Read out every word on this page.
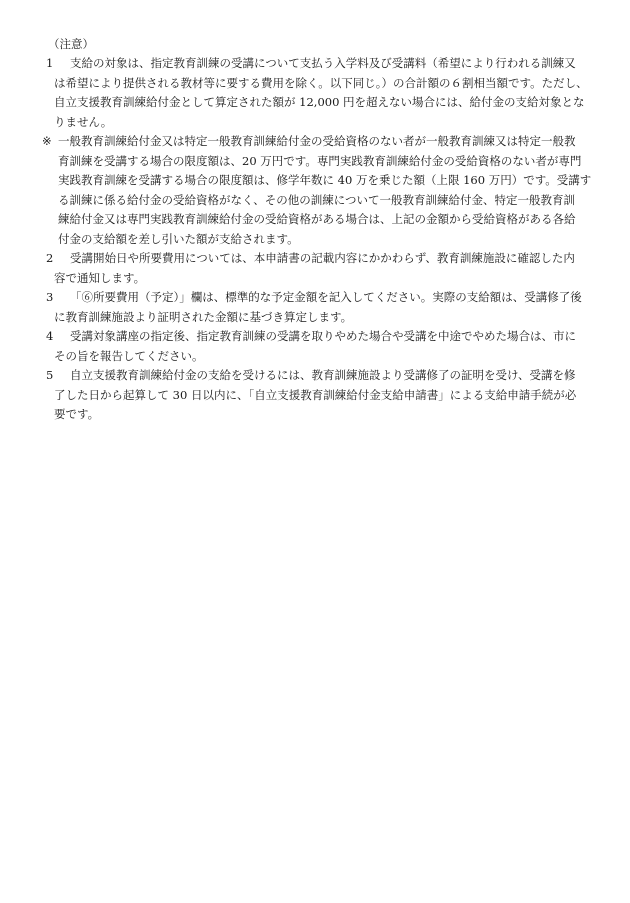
（注意）
1	支給の対象は、指定教育訓練の受講について支払う入学料及び受講料（希望により行われる訓練又
は希望により提供される教材等に要する費用を除く。以下同じ。）の合計額の６割相当額です。ただし、
自立支援教育訓練給付金として算定された額が 12,000 円を超えない場合には、給付金の支給対象とな
りません。
※ 一般教育訓練給付金又は特定一般教育訓練給付金の受給資格のない者が一般教育訓練又は特定一般教
育訓練を受講する場合の限度額は、20 万円です。専門実践教育訓練給付金の受給資格のない者が専門
実践教育訓練を受講する場合の限度額は、修学年数に 40 万を乗じた額（上限 160 万円）です。受講す
る訓練に係る給付金の受給資格がなく、その他の訓練について一般教育訓練給付金、特定一般教育訓
練給付金又は専門実践教育訓練給付金の受給資格がある場合は、上記の金額から受給資格がある各給
付金の支給額を差し引いた額が支給されます。
2	受講開始日や所要費用については、本申請書の記載内容にかかわらず、教育訓練施設に確認した内
容で通知します。
3	「⑥所要費用（予定）」欄は、標準的な予定金額を記入してください。実際の支給額は、受講修了後
に教育訓練施設より証明された金額に基づき算定します。
4	受講対象講座の指定後、指定教育訓練の受講を取りやめた場合や受講を中途でやめた場合は、市に
その旨を報告してください。
5	自立支援教育訓練給付金の支給を受けるには、教育訓練施設より受講修了の証明を受け、受講を修
了した日から起算して 30 日以内に、「自立支援教育訓練給付金支給申請書」による支給申請手続が必
要です。
